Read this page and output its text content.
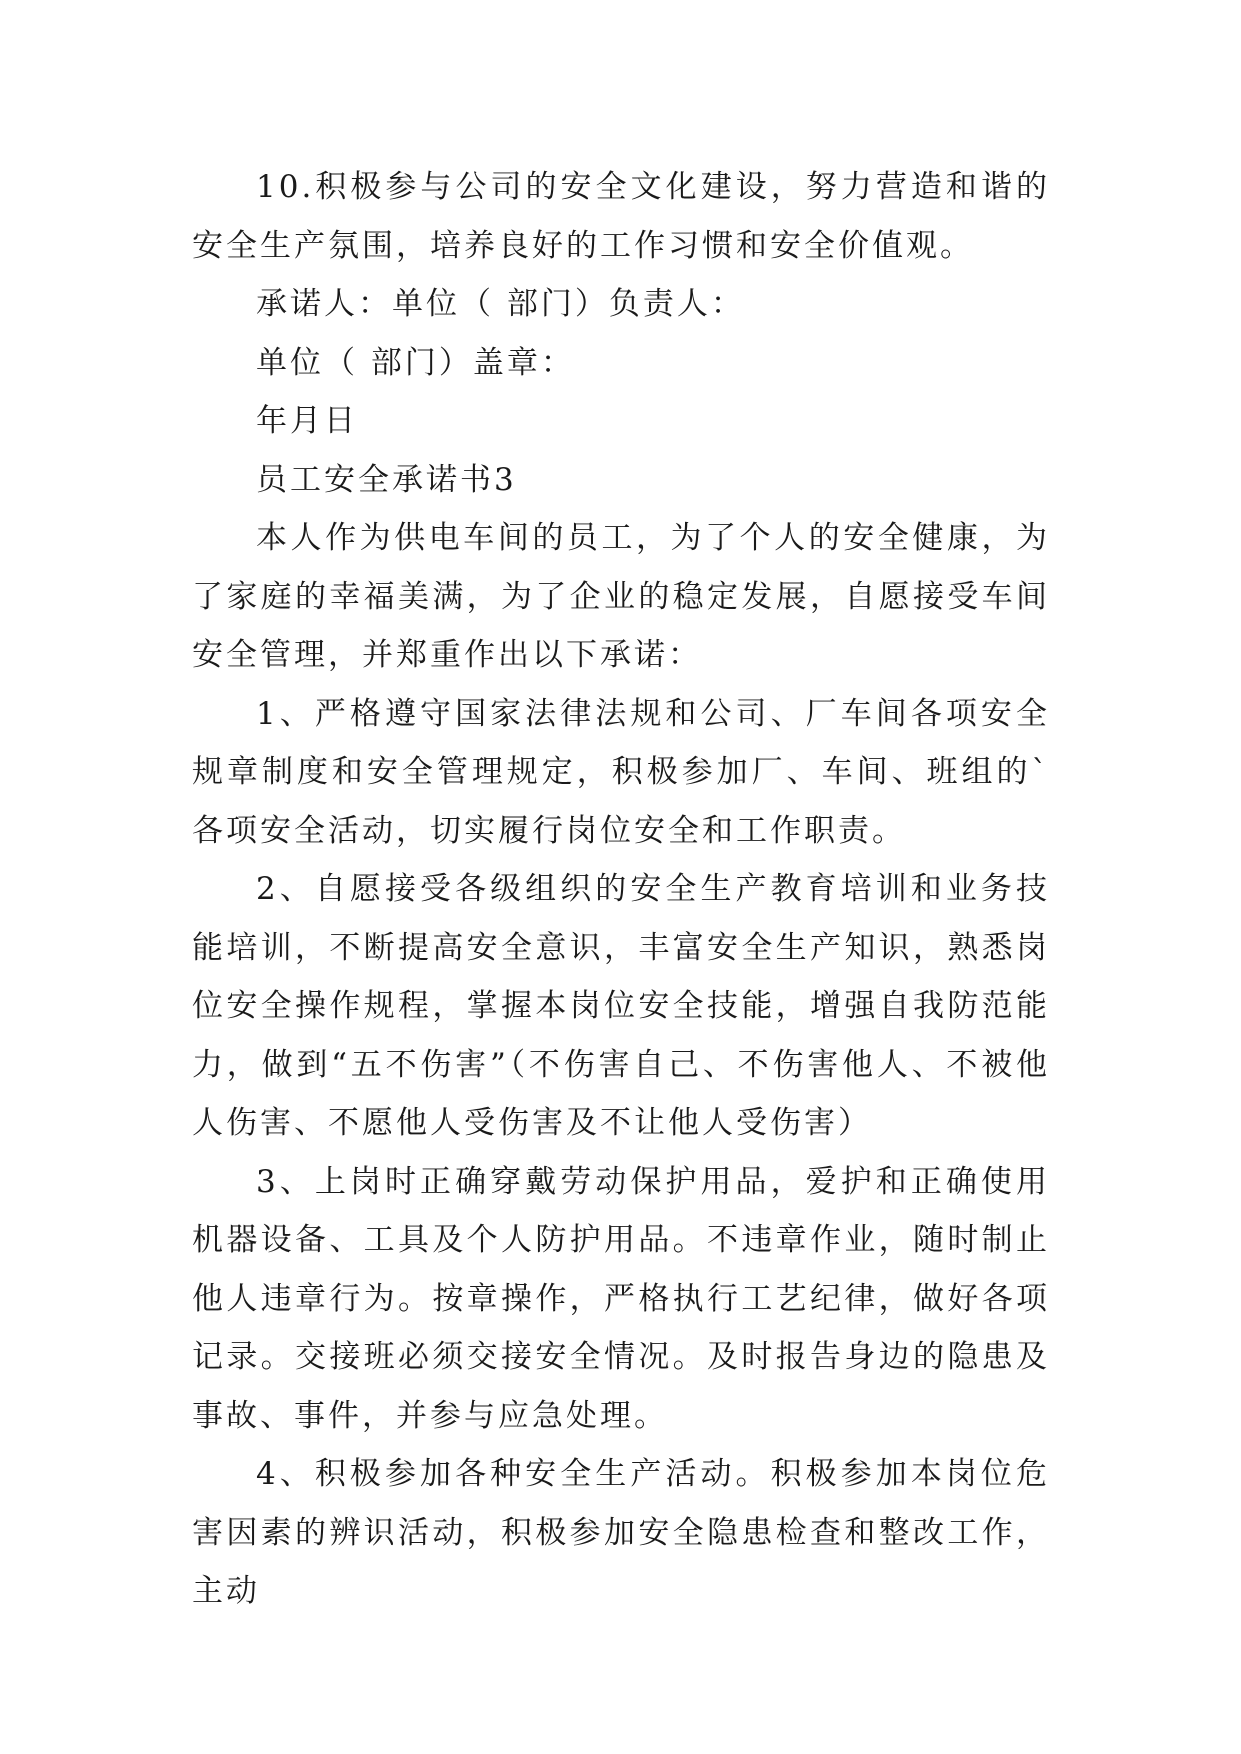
10.积极参与公司的安全文化建设，努力营造和谐的安全生产氛围，培养良好的工作习惯和安全价值观。

承诺人：单位（ 部门）负责人：

单位（ 部门）盖章：

年月日

员工安全承诺书3

本人作为供电车间的员工，为了个人的安全健康，为了家庭的幸福美满，为了企业的稳定发展，自愿接受车间安全管理，并郑重作出以下承诺：

1、严格遵守国家法律法规和公司、厂车间各项安全规章制度和安全管理规定，积极参加厂、车间、班组的`各项安全活动，切实履行岗位安全和工作职责。

2、自愿接受各级组织的安全生产教育培训和业务技能培训，不断提高安全意识，丰富安全生产知识，熟悉岗位安全操作规程，掌握本岗位安全技能，增强自我防范能力，做到“五不伤害”（不伤害自己、不伤害他人、不被他人伤害、不愿他人受伤害及不让他人受伤害）

3、上岗时正确穿戴劳动保护用品，爱护和正确使用机器设备、工具及个人防护用品。不违章作业，随时制止他人违章行为。按章操作，严格执行工艺纪律，做好各项记录。交接班必须交接安全情况。及时报告身边的隐患及事故、事件，并参与应急处理。

4、积极参加各种安全生产活动。积极参加本岗位危害因素的辨识活动，积极参加安全隐患检查和整改工作，主动
